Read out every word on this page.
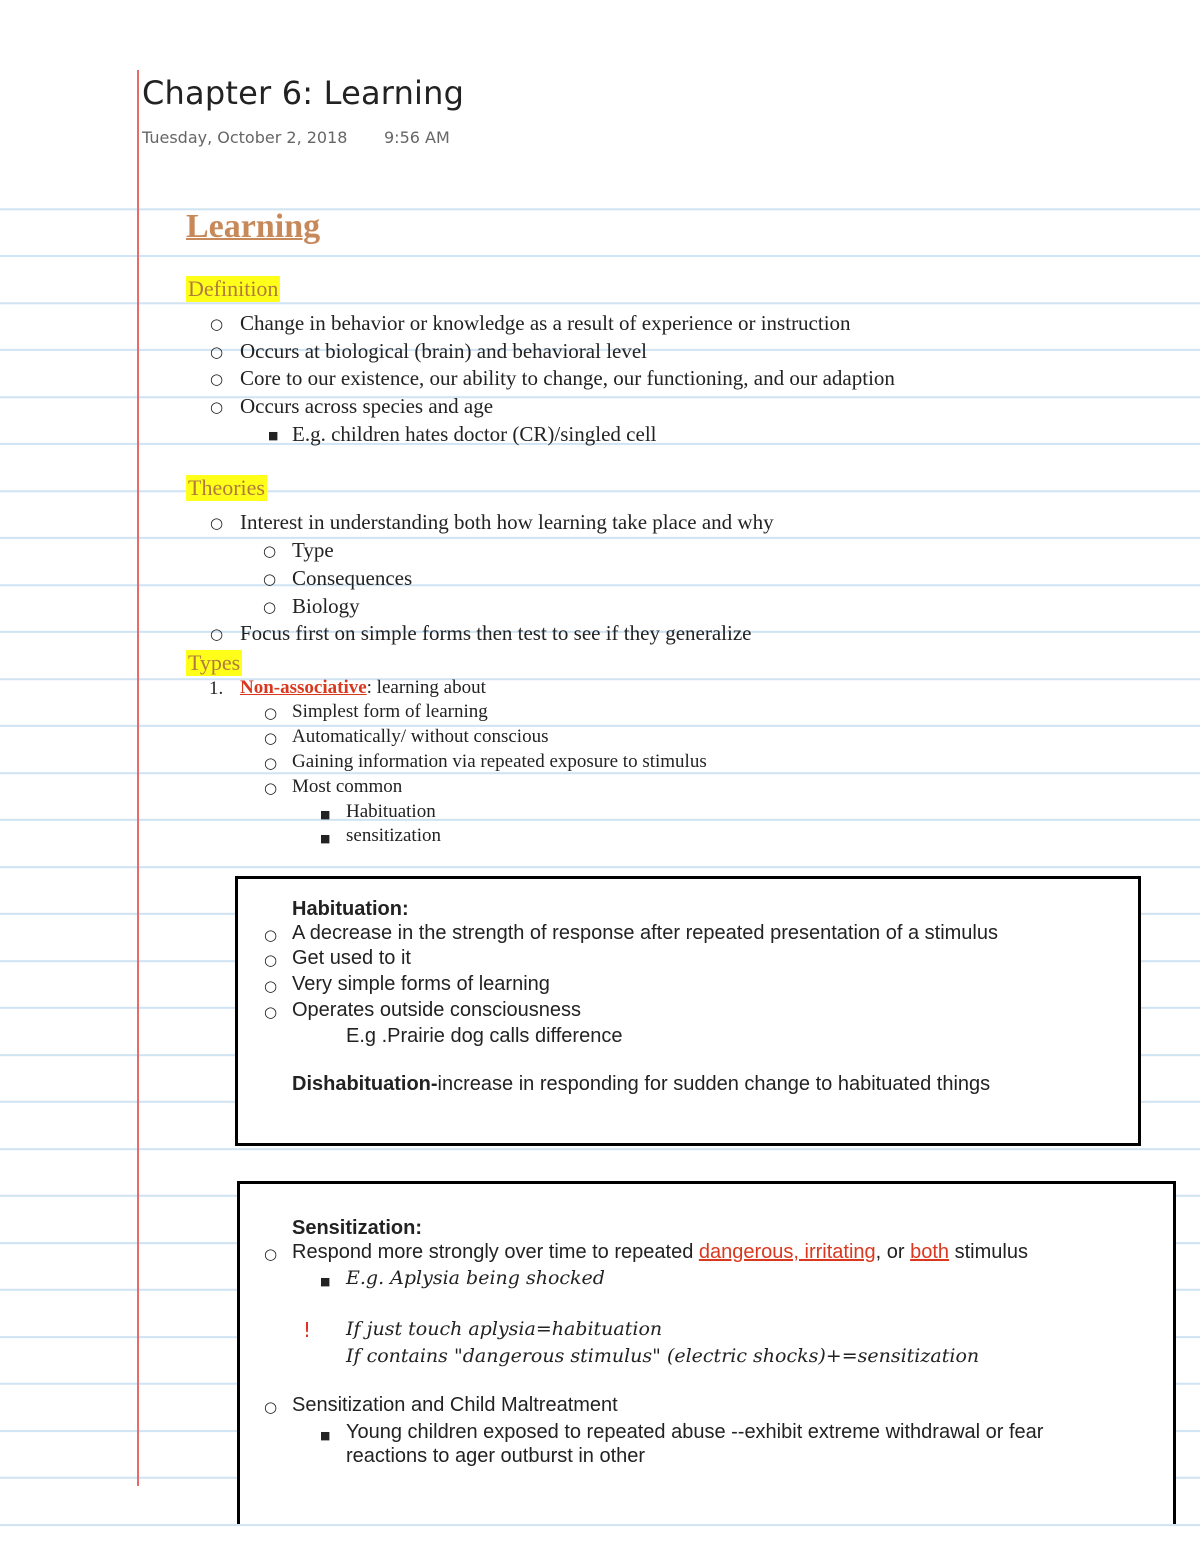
Chapter 6: Learning
Tuesday, October 2, 2018 9:56 AM
Learning
Definition
○ Change in behavior or knowledge as a result of experience or instruction
○ Occurs at biological (brain) and behavioral level
○ Core to our existence, our ability to change, our functioning, and our adaption
○ Occurs across species and age
■ E.g. children hates doctor (CR)/singled cell
Theories
○ Interest in understanding both how learning take place and why
○ Type
○ Consequences
○ Biology
○ Focus first on simple forms then test to see if they generalize
Types
1. Non-associative: learning about
○ Simplest form of learning
○ Automatically/ without conscious
○ Gaining information via repeated exposure to stimulus
○ Most common
■ Habituation
■ sensitization
Habituation:
○ A decrease in the strength of response after repeated presentation of a stimulus
○ Get used to it
○ Very simple forms of learning
○ Operates outside consciousness
E.g .Prairie dog calls difference
Dishabituation-increase in responding for sudden change to habituated things
Sensitization:
○ Respond more strongly over time to repeated dangerous, irritating, or both stimulus
■ E.g. Aplysia being shocked
! If just touch aplysia=habituation
If contains "dangerous stimulus" (electric shocks)+=sensitization
○ Sensitization and Child Maltreatment
■ Young children exposed to repeated abuse --exhibit extreme withdrawal or fear
reactions to ager outburst in other
